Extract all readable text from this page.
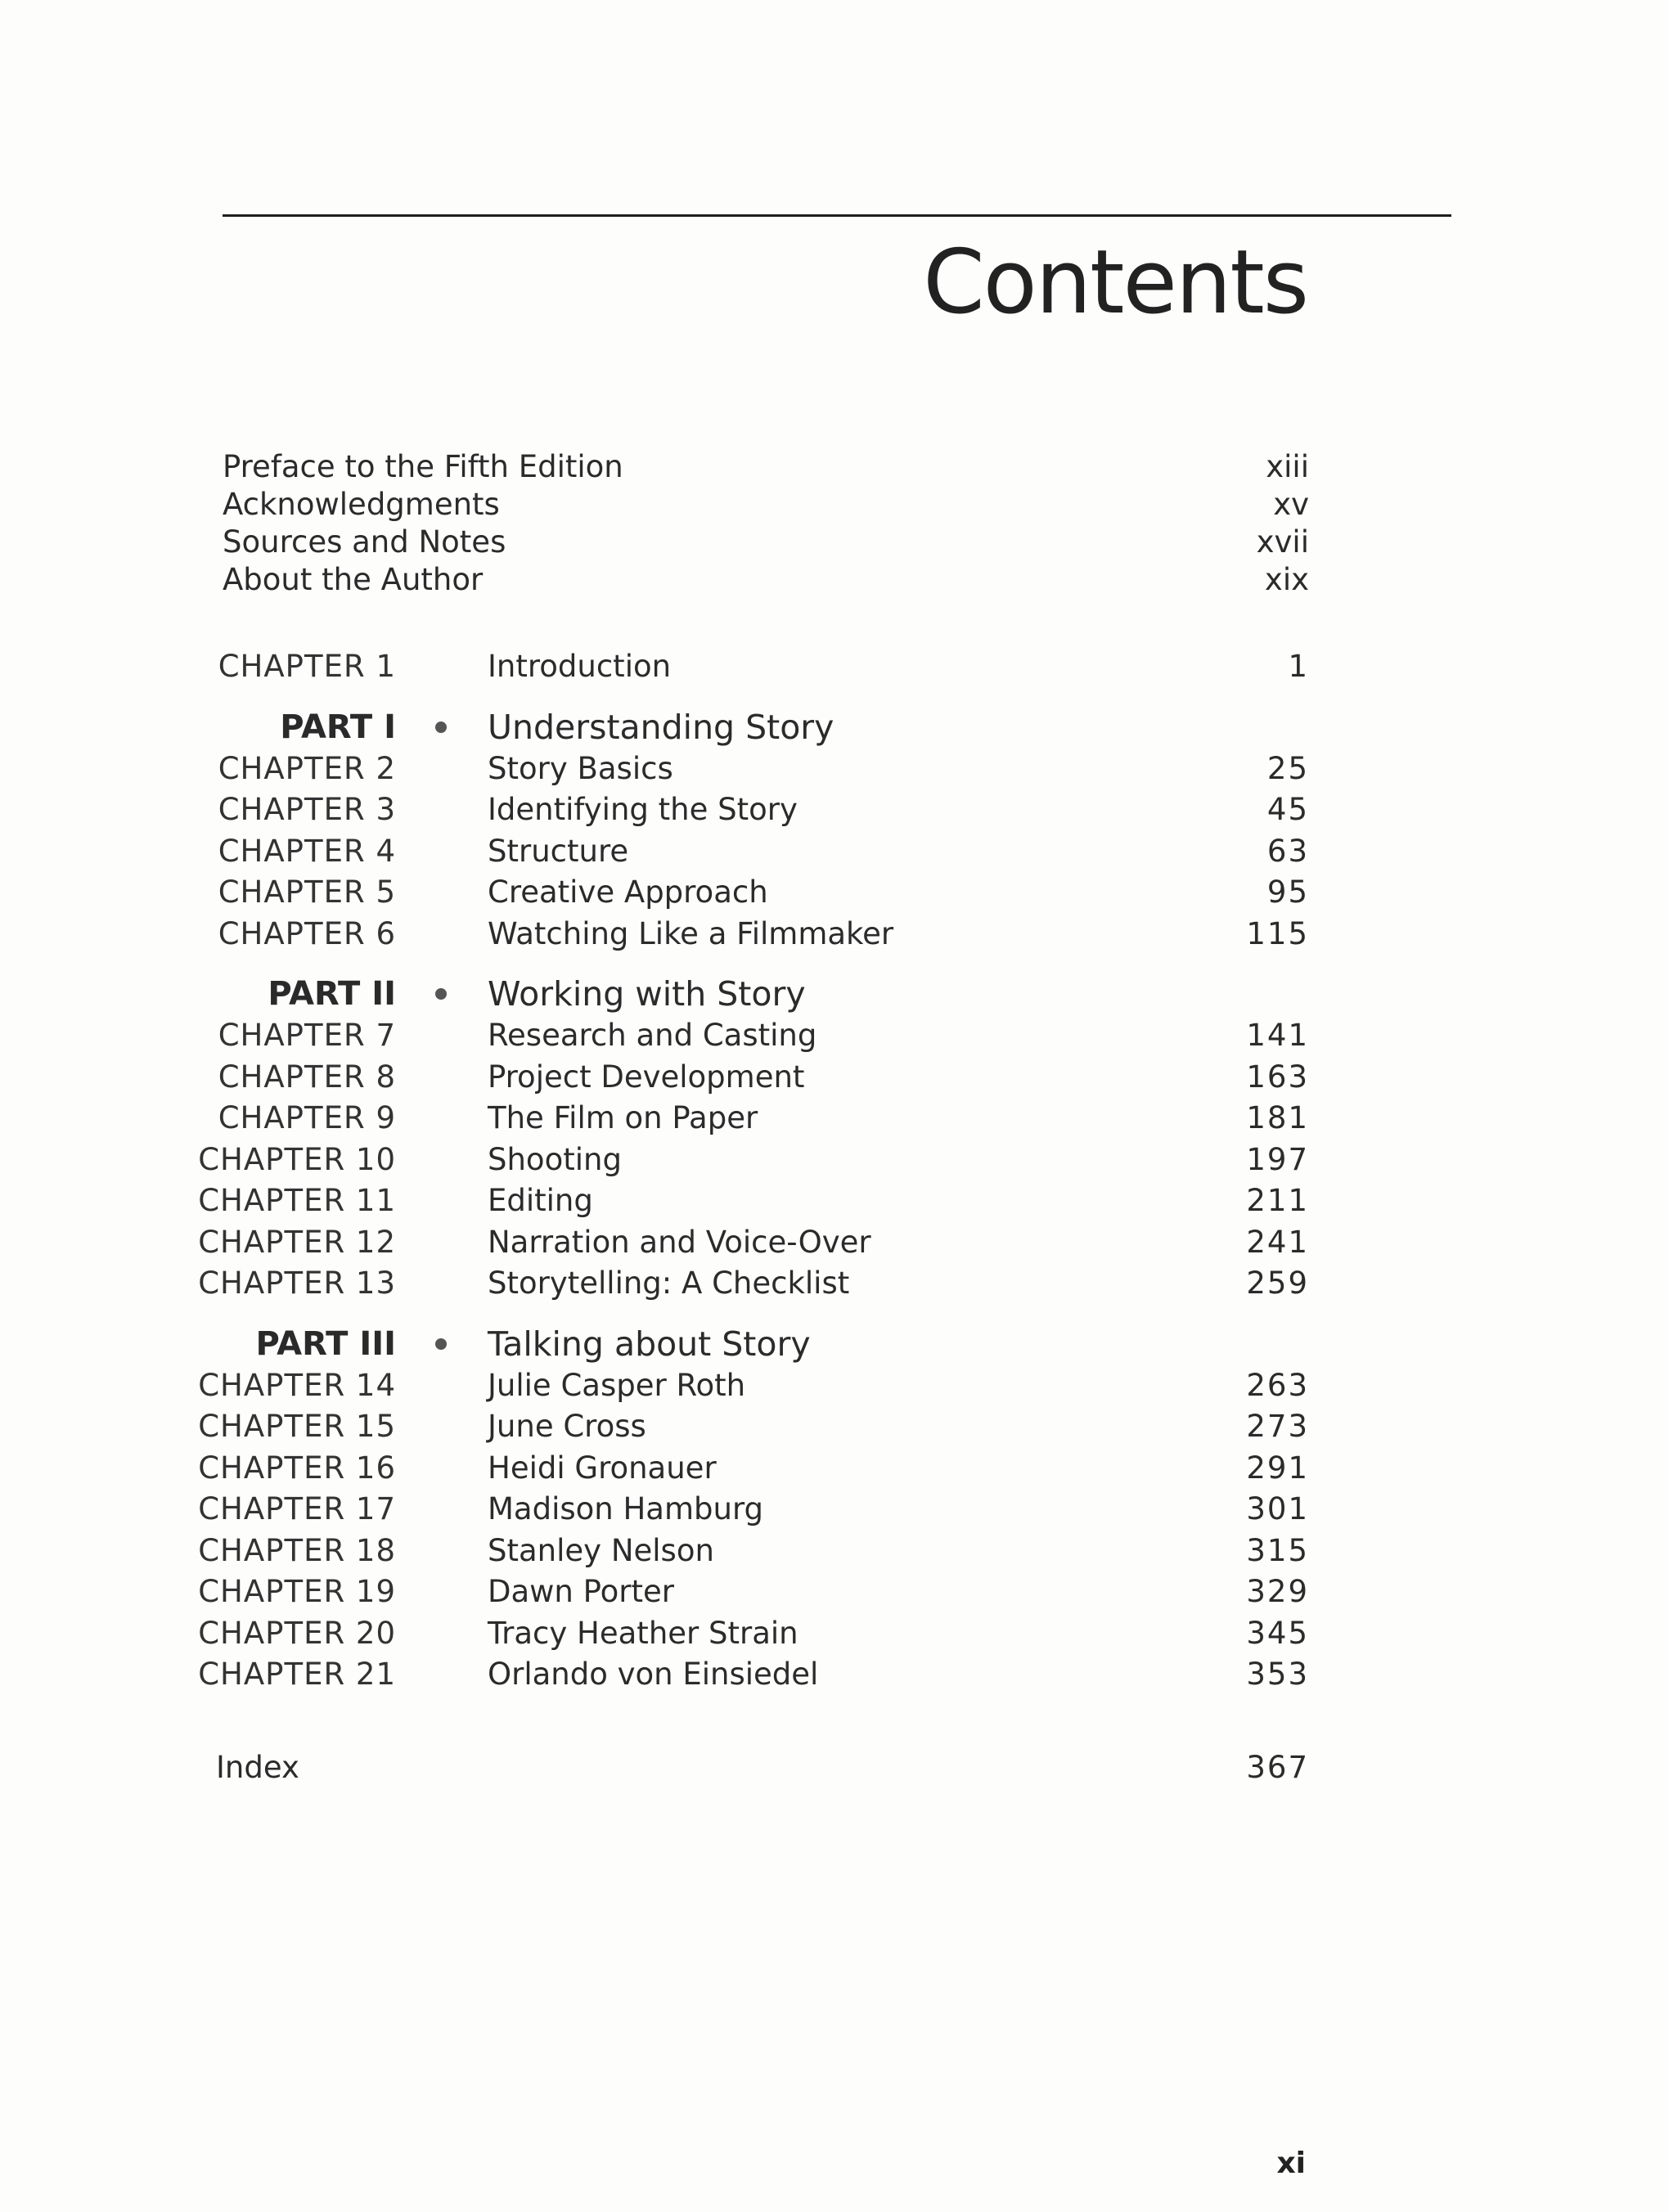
Contents
Preface to the Fifth Edition	xiii
Acknowledgments	xv
Sources and Notes	xvii
About the Author	xix
CHAPTER 1	Introduction	1
PART I	Understanding Story
CHAPTER 2	Story Basics	25
CHAPTER 3	Identifying the Story	45
CHAPTER 4	Structure	63
CHAPTER 5	Creative Approach	95
CHAPTER 6	Watching Like a Filmmaker	115
PART II	Working with Story
CHAPTER 7	Research and Casting	141
CHAPTER 8	Project Development	163
CHAPTER 9	The Film on Paper	181
CHAPTER 10	Shooting	197
CHAPTER 11	Editing	211
CHAPTER 12	Narration and Voice-Over	241
CHAPTER 13	Storytelling: A Checklist	259
PART III	Talking about Story
CHAPTER 14	Julie Casper Roth	263
CHAPTER 15	June Cross	273
CHAPTER 16	Heidi Gronauer	291
CHAPTER 17	Madison Hamburg	301
CHAPTER 18	Stanley Nelson	315
CHAPTER 19	Dawn Porter	329
CHAPTER 20	Tracy Heather Strain	345
CHAPTER 21	Orlando von Einsiedel	353
Index	367
xi
